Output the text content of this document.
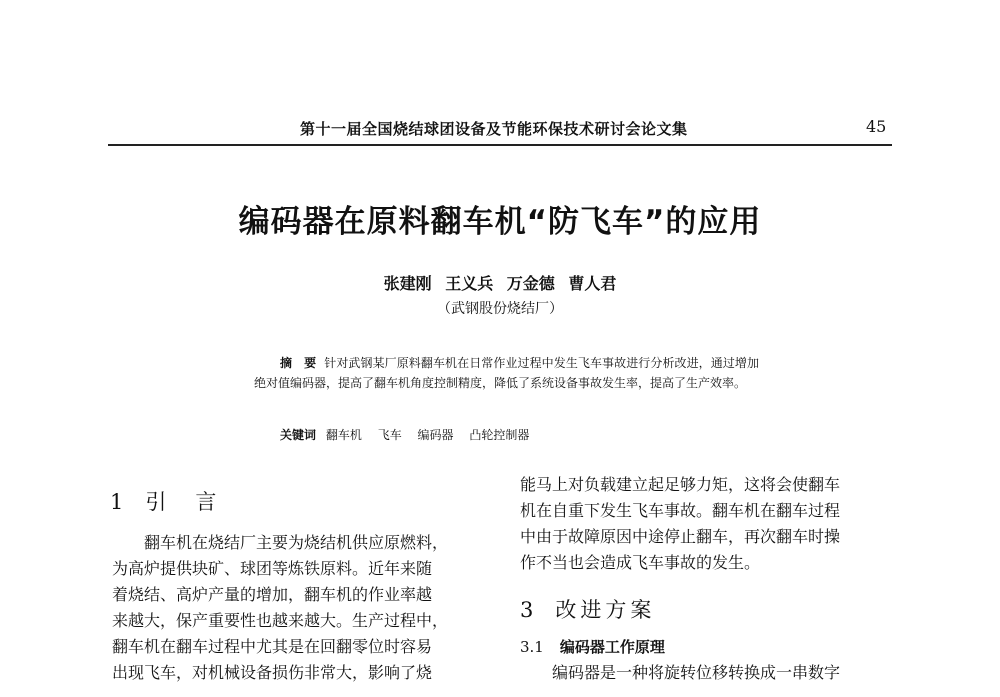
第十一届全国烧结球团设备及节能环保技术研讨会论文集	45
编码器在原料翻车机“防飞车”的应用
张建刚 王义兵 万金德 曹人君
（武钢股份烧结厂）
摘　要 针对武钢某厂原料翻车机在日常作业过程中发生飞车事故进行分析改进，通过增加绝对值编码器，提高了翻车机角度控制精度，降低了系统设备事故发生率，提高了生产效率。
关键词 翻车机 飞车 编码器 凸轮控制器
1 引　言

翻车机在烧结厂主要为烧结机供应原燃料，

为高炉提供块矿、球团等炼铁原料。近年来随

着烧结、高炉产量的增加，翻车机的作业率越

来越大，保产重要性也越来越大。生产过程中，

翻车机在翻车过程中尤其是在回翻零位时容易

出现飞车，对机械设备损伤非常大，影响了烧

能马上对负载建立起足够力矩，这将会使翻车

机在自重下发生飞车事故。翻车机在翻车过程

中由于故障原因中途停止翻车，再次翻车时操

作不当也会造成飞车事故的发生。

3 改进方案
3.1 编码器工作原理

编码器是一种将旋转位移转换成一串数字
